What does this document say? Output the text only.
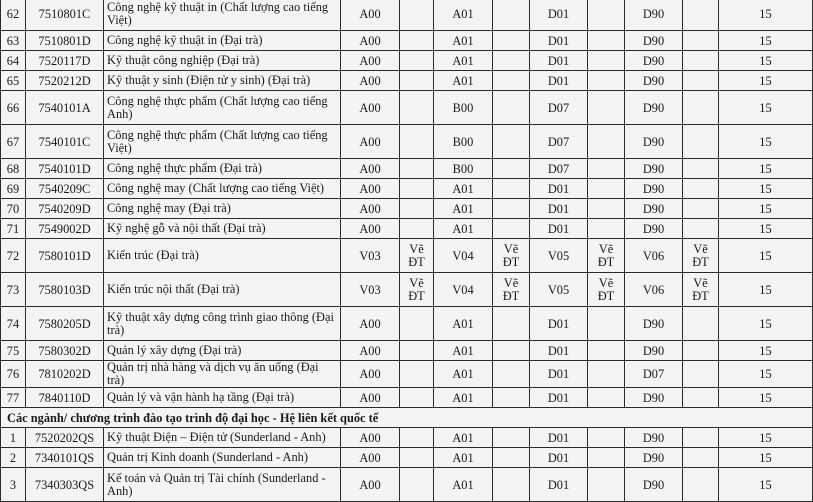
62	7510801C	Công nghệ kỹ thuật in (Chất lượng cao tiếng Việt)	A00		A01		D01		D90		15
63	7510801D	Công nghệ kỹ thuật in (Đại trà)	A00		A01		D01		D90		15
64	7520117D	Kỹ thuật công nghiệp (Đại trà)	A00		A01		D01		D90		15
65	7520212D	Kỹ thuật y sinh (Điện tử y sinh) (Đại trà)	A00		A01		D01		D90		15
66	7540101A	Công nghệ thực phẩm (Chất lượng cao tiếng Anh)	A00		B00		D07		D90		15
67	7540101C	Công nghệ thực phẩm (Chất lượng cao tiếng Việt)	A00		B00		D07		D90		15
68	7540101D	Công nghệ thực phẩm (Đại trà)	A00		B00		D07		D90		15
69	7540209C	Công nghệ may (Chất lượng cao tiếng Việt)	A00		A01		D01		D90		15
70	7540209D	Công nghệ may (Đại trà)	A00		A01		D01		D90		15
71	7549002D	Kỹ nghệ gỗ và nội thất (Đại trà)	A00		A01		D01		D90		15
72	7580101D	Kiến trúc (Đại trà)	V03	Vẽ ĐT	V04	Vẽ ĐT	V05	Vẽ ĐT	V06	Vẽ ĐT	15
73	7580103D	Kiến trúc nội thất (Đại trà)	V03	Vẽ ĐT	V04	Vẽ ĐT	V05	Vẽ ĐT	V06	Vẽ ĐT	15
74	7580205D	Kỹ thuật xây dựng công trình giao thông (Đại trà)	A00		A01		D01		D90		15
75	7580302D	Quản lý xây dựng (Đại trà)	A00		A01		D01		D90		15
76	7810202D	Quản trị nhà hàng và dịch vụ ăn uống (Đại trà)	A00		A01		D01		D07		15
77	7840110D	Quản lý và vận hành hạ tầng (Đại trà)	A00		A01		D01		D90		15
Các ngành/ chương trình đào tạo trình độ đại học - Hệ liên kết quốc tế											
1	7520202QS	Kỹ thuật Điện – Điện tử (Sunderland - Anh)	A00		A01		D01		D90		15
2	7340101QS	Quản trị Kinh doanh (Sunderland - Anh)	A00		A01		D01		D90		15
3	7340303QS	Kế toán và Quản trị Tài chính (Sunderland - Anh)	A00		A01		D01		D90		15
